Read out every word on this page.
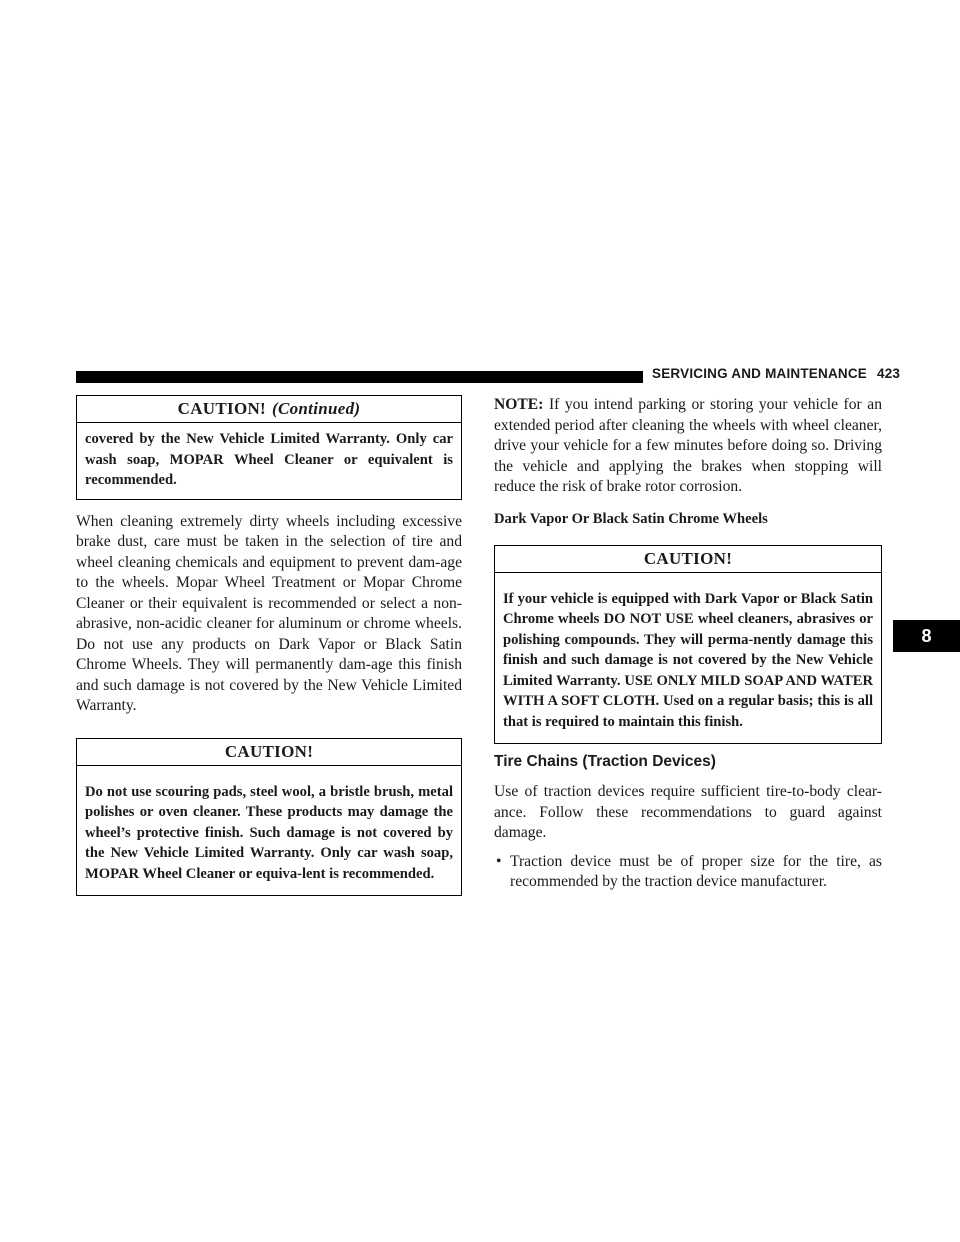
SERVICING AND MAINTENANCE 423
8
CAUTION! (Continued)
covered by the New Vehicle Limited Warranty. Only car wash soap, MOPAR Wheel Cleaner or equivalent is recommended.
When cleaning extremely dirty wheels including excessive brake dust, care must be taken in the selection of tire and wheel cleaning chemicals and equipment to prevent dam-age to the wheels. Mopar Wheel Treatment or Mopar Chrome Cleaner or their equivalent is recommended or select a non-abrasive, non-acidic cleaner for aluminum or chrome wheels. Do not use any products on Dark Vapor or Black Satin Chrome Wheels. They will permanently dam-age this finish and such damage is not covered by the New Vehicle Limited Warranty.
CAUTION!
Do not use scouring pads, steel wool, a bristle brush, metal polishes or oven cleaner. These products may damage the wheel’s protective finish. Such damage is not covered by the New Vehicle Limited Warranty. Only car wash soap, MOPAR Wheel Cleaner or equiva-lent is recommended.
NOTE: If you intend parking or storing your vehicle for an extended period after cleaning the wheels with wheel cleaner, drive your vehicle for a few minutes before doing so. Driving the vehicle and applying the brakes when stopping will reduce the risk of brake rotor corrosion.
Dark Vapor Or Black Satin Chrome Wheels
CAUTION!
If your vehicle is equipped with Dark Vapor or Black Satin Chrome wheels DO NOT USE wheel cleaners, abrasives or polishing compounds. They will perma-nently damage this finish and such damage is not covered by the New Vehicle Limited Warranty. USE ONLY MILD SOAP AND WATER WITH A SOFT CLOTH. Used on a regular basis; this is all that is required to maintain this finish.
Tire Chains (Traction Devices)
Use of traction devices require sufficient tire-to-body clear-ance. Follow these recommendations to guard against damage.
• Traction device must be of proper size for the tire, as recommended by the traction device manufacturer.
